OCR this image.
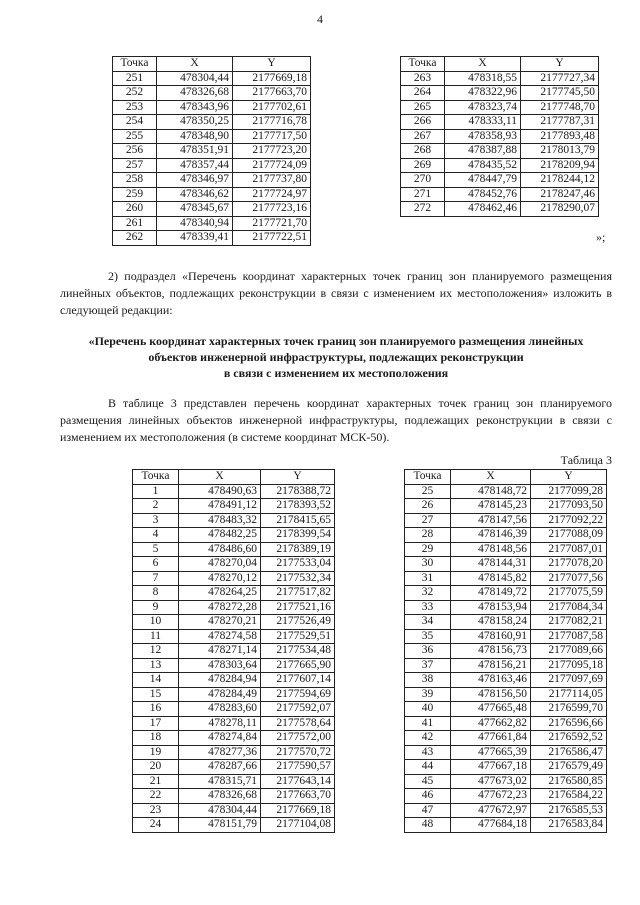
4
Точка	X	Y
251	478304,44	2177669,18
252	478326,68	2177663,70
253	478343,96	2177702,61
254	478350,25	2177716,78
255	478348,90	2177717,50
256	478351,91	2177723,20
257	478357,44	2177724,09
258	478346,97	2177737,80
259	478346,62	2177724,97
260	478345,67	2177723,16
261	478340,94	2177721,70
262	478339,41	2177722,51
Точка	X	Y
263	478318,55	2177727,34
264	478322,96	2177745,50
265	478323,74	2177748,70
266	478333,11	2177787,31
267	478358,93	2177893,48
268	478387,88	2178013,79
269	478435,52	2178209,94
270	478447,79	2178244,12
271	478452,76	2178247,46
272	478462,46	2178290,07
»;
2) подраздел «Перечень координат характерных точек границ зон планируемого размещения линейных объектов, подлежащих реконструкции в связи с изменением их местоположения» изложить в следующей редакции:
«Перечень координат характерных точек границ зон планируемого размещения линейных
объектов инженерной инфраструктуры, подлежащих реконструкции
в связи с изменением их местоположения
В таблице 3 представлен перечень координат характерных точек границ зон планируемого размещения линейных объектов инженерной инфраструктуры, подлежащих реконструкции в связи с изменением их местоположения (в системе координат МСК-50).
Таблица 3
Точка	X	Y
1	478490,63	2178388,72
2	478491,12	2178393,52
3	478483,32	2178415,65
4	478482,25	2178399,54
5	478486,60	2178389,19
6	478270,04	2177533,04
7	478270,12	2177532,34
8	478264,25	2177517,82
9	478272,28	2177521,16
10	478270,21	2177526,49
11	478274,58	2177529,51
12	478271,14	2177534,48
13	478303,64	2177665,90
14	478284,94	2177607,14
15	478284,49	2177594,69
16	478283,60	2177592,07
17	478278,11	2177578,64
18	478274,84	2177572,00
19	478277,36	2177570,72
20	478287,66	2177590,57
21	478315,71	2177643,14
22	478326,68	2177663,70
23	478304,44	2177669,18
24	478151,79	2177104,08
Точка	X	Y
25	478148,72	2177099,28
26	478145,23	2177093,50
27	478147,56	2177092,22
28	478146,39	2177088,09
29	478148,56	2177087,01
30	478144,31	2177078,20
31	478145,82	2177077,56
32	478149,72	2177075,59
33	478153,94	2177084,34
34	478158,24	2177082,21
35	478160,91	2177087,58
36	478156,73	2177089,66
37	478156,21	2177095,18
38	478163,46	2177097,69
39	478156,50	2177114,05
40	477665,48	2176599,70
41	477662,82	2176596,66
42	477661,84	2176592,52
43	477665,39	2176586,47
44	477667,18	2176579,49
45	477673,02	2176580,85
46	477672,23	2176584,22
47	477672,97	2176585,53
48	477684,18	2176583,84
